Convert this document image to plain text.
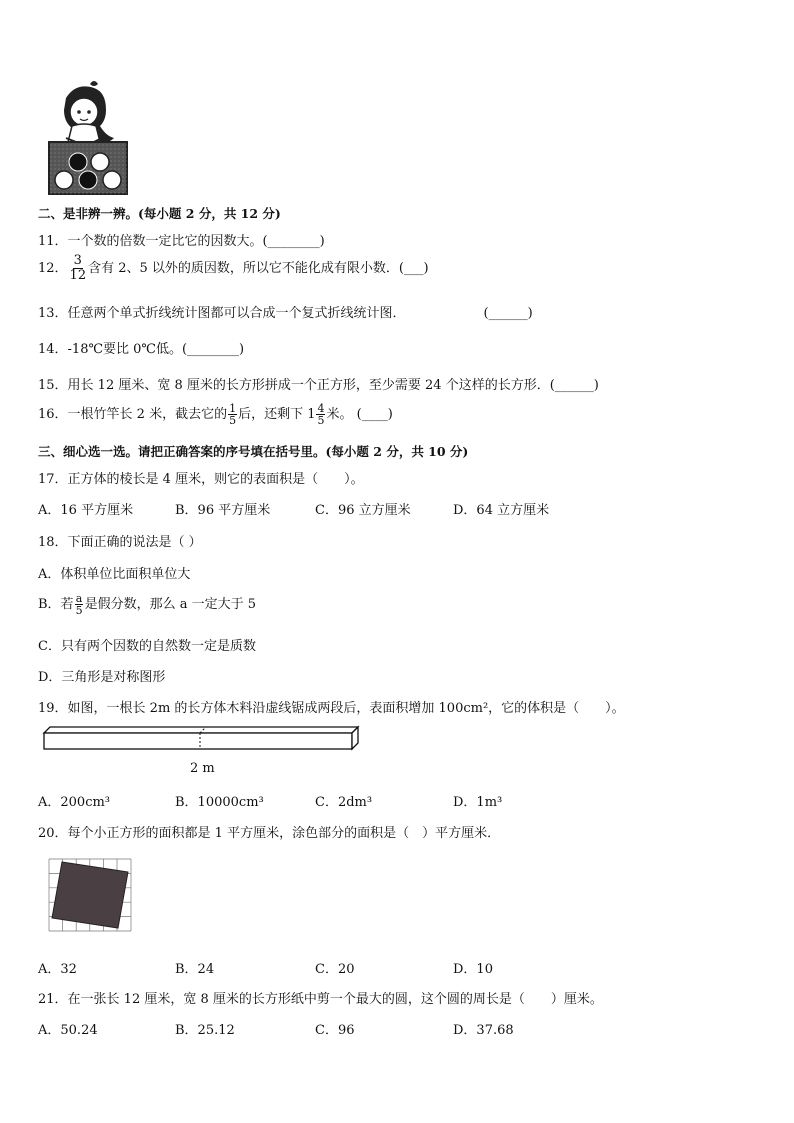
二、是非辨一辨。(每小题 2 分，共 12 分)
11．一个数的倍数一定比它的因数大。(________)
12． $\frac{3}{12}$ 含有 2、5 以外的质因数，所以它不能化成有限小数．(___)
13．任意两个单式折线统计图都可以合成一个复式折线统计图．	(______)
14．-18℃要比 0℃低。(________)
15．用长 12 厘米、宽 8 厘米的长方形拼成一个正方形，至少需要 24 个这样的长方形．(______)
16．一根竹竿长 2 米，截去它的 $\frac{1}{5}$ 后，还剩下 $1 \frac{4}{5}$ 米。 (____)
三、细心选一选。请把正确答案的序号填在括号里。(每小题 2 分，共 10 分)
17．正方体的棱长是 4 厘米，则它的表面积是（　　）。
A．16 平方厘米	B．96 平方厘米	C．96 立方厘米	D．64 立方厘米
18．下面正确的说法是（ ）
A．体积单位比面积单位大
B．若 $\frac{a}{5}$ 是假分数，那么 a 一定大于 5
C．只有两个因数的自然数一定是质数
D．三角形是对称图形
19．如图，一根长 2m 的长方体木料沿虚线锯成两段后，表面积增加 100cm²，它的体积是（　　）。
2 m
A．200cm³	B．10000cm³	C．2dm³	D．1m³
20．每个小正方形的面积都是 1 平方厘米，涂色部分的面积是（　）平方厘米．
A．32	B．24	C．20	D．10
21．在一张长 12 厘米，宽 8 厘米的长方形纸中剪一个最大的圆，这个圆的周长是（　　）厘米。
A．50.24	B．25.12	C．96	D．37.68
